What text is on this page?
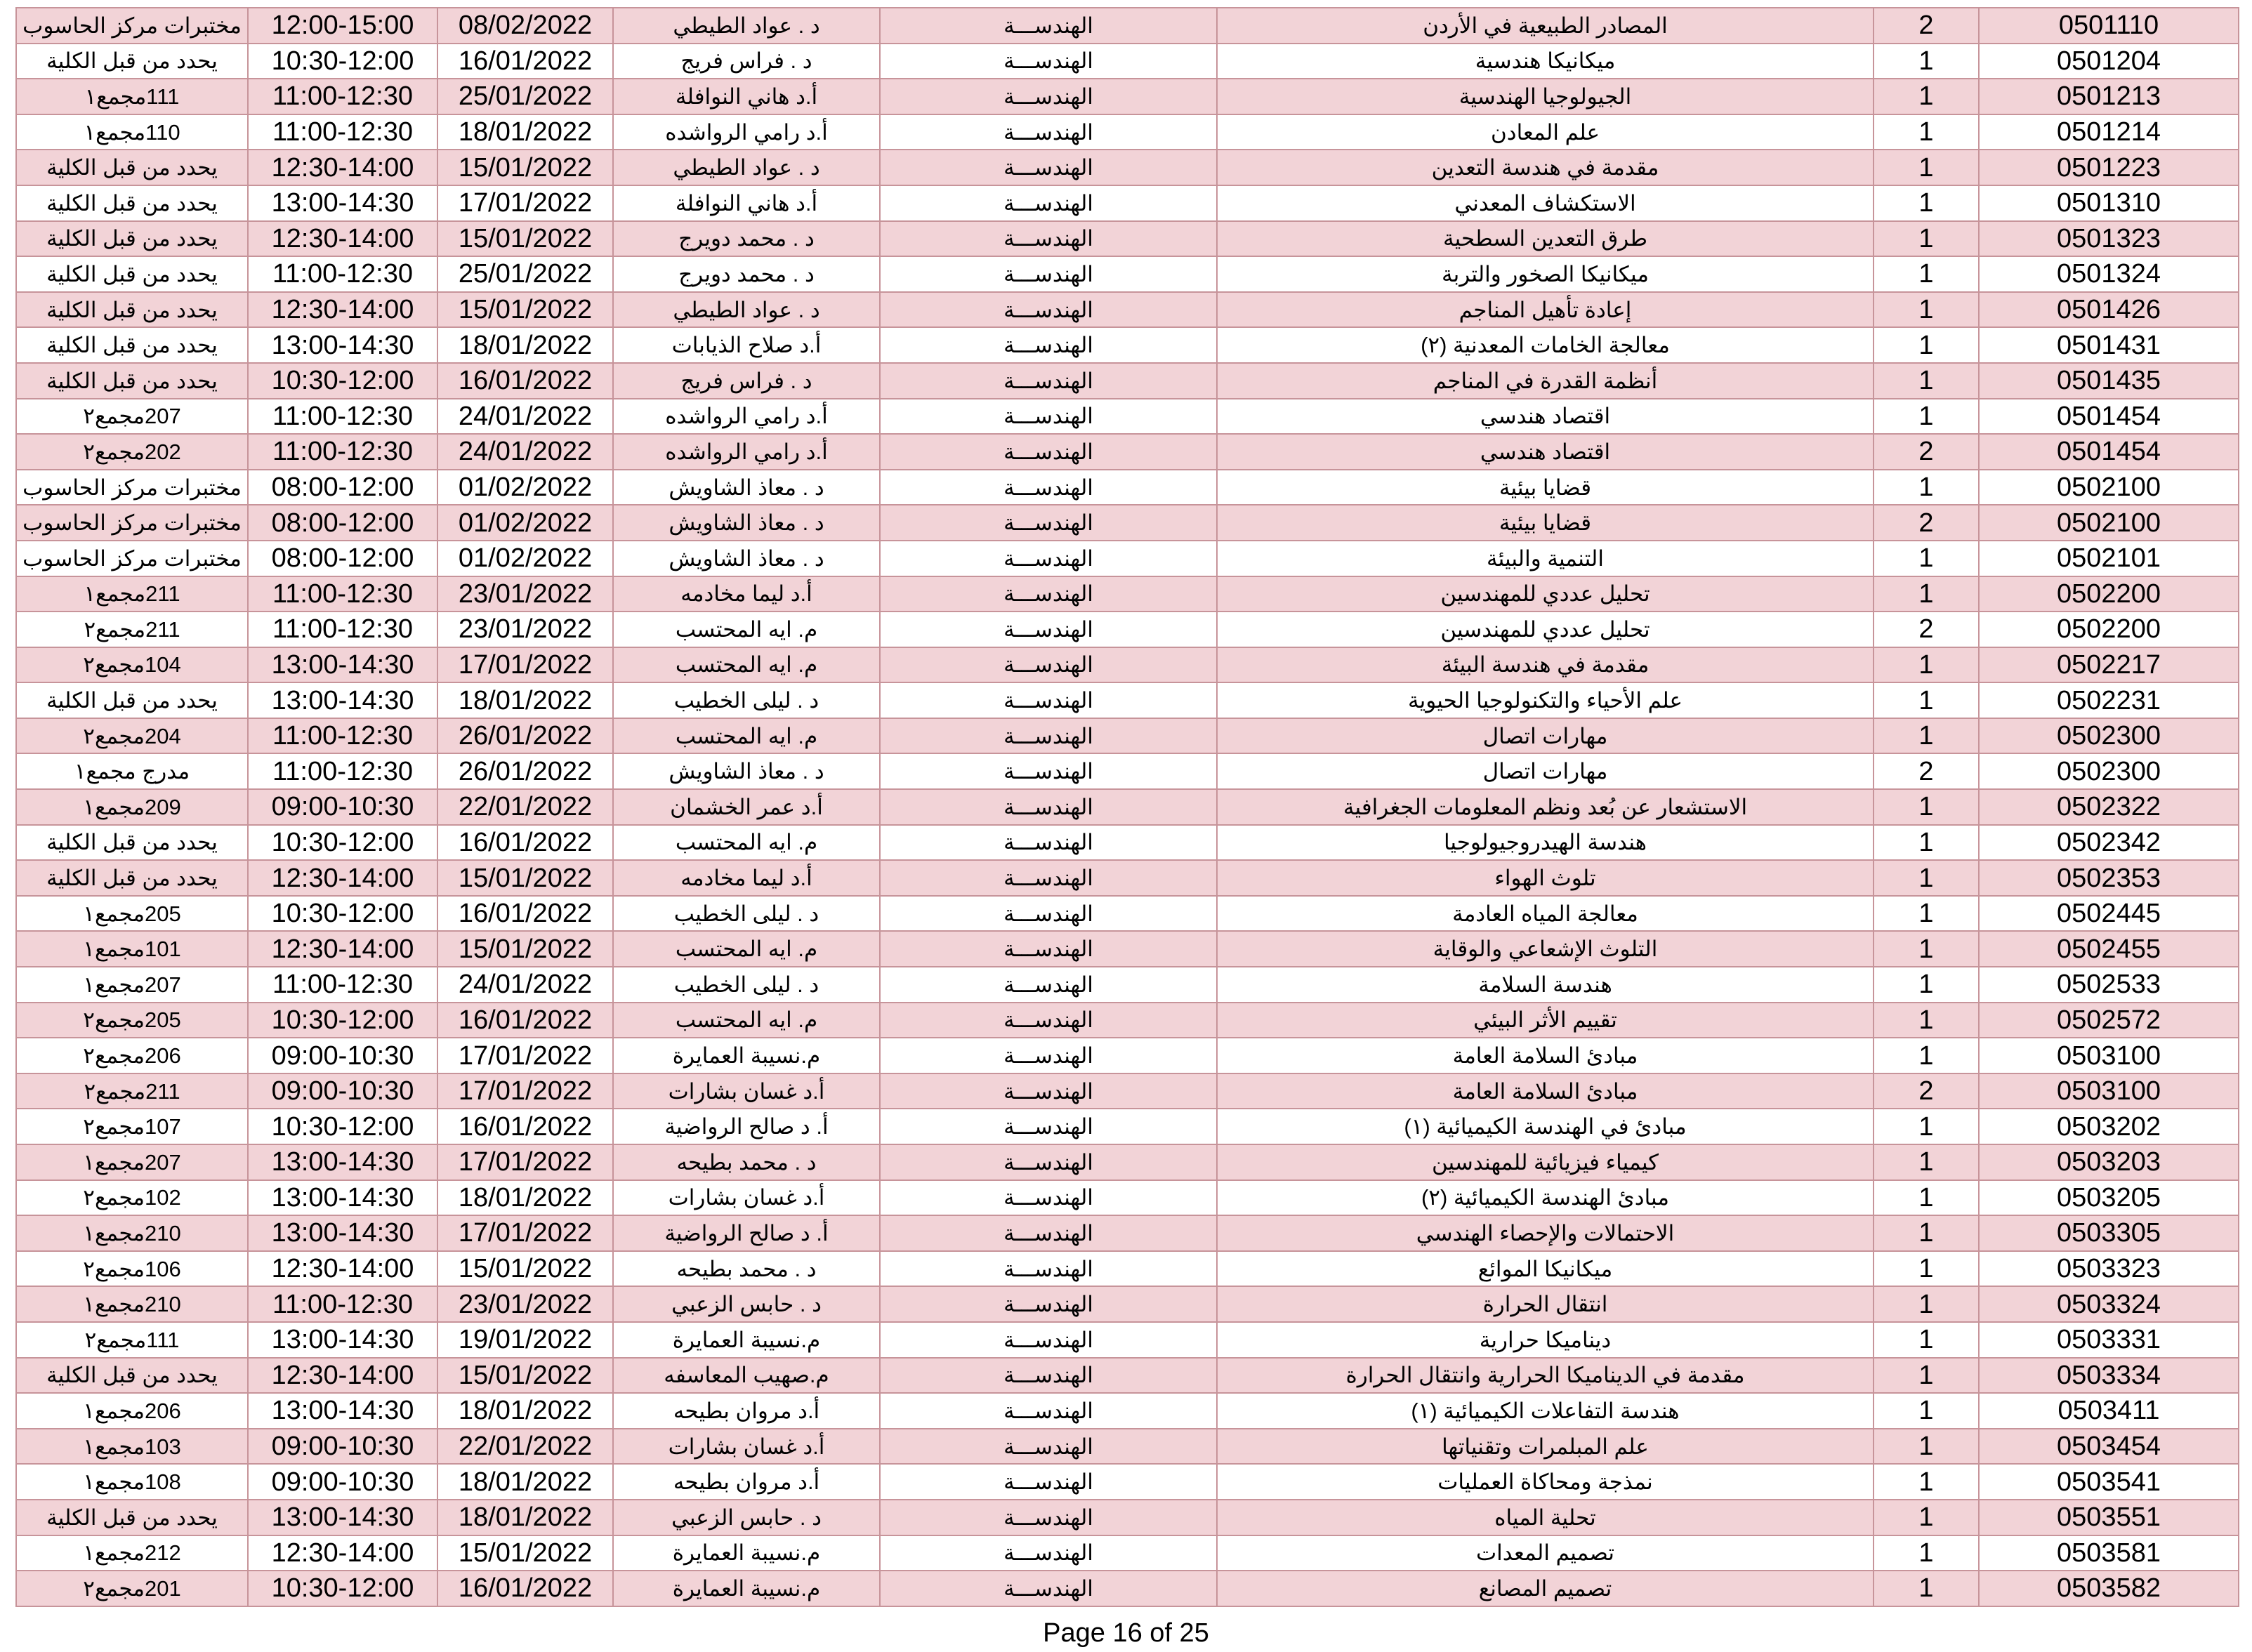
مختبرات مركز الحاسوب	12:00-15:00	08/02/2022	د . عواد الطيطي	الهندســـة	المصادر الطبيعية في الأردن	2	0501110
يحدد من قبل الكلية	10:30-12:00	16/01/2022	د . فراس فريج	الهندســـة	ميكانيكا هندسية	1	0501204
111مجمع١	11:00-12:30	25/01/2022	أ.د هاني النوافلة	الهندســـة	الجيولوجيا الهندسية	1	0501213
110مجمع١	11:00-12:30	18/01/2022	أ.د رامي الرواشده	الهندســـة	علم المعادن	1	0501214
يحدد من قبل الكلية	12:30-14:00	15/01/2022	د . عواد الطيطي	الهندســـة	مقدمة في هندسة التعدين	1	0501223
يحدد من قبل الكلية	13:00-14:30	17/01/2022	أ.د هاني النوافلة	الهندســـة	الاستكشاف المعدني	1	0501310
يحدد من قبل الكلية	12:30-14:00	15/01/2022	د . محمد دويرج	الهندســـة	طرق التعدين السطحية	1	0501323
يحدد من قبل الكلية	11:00-12:30	25/01/2022	د . محمد دويرج	الهندســـة	ميكانيكا الصخور والتربة	1	0501324
يحدد من قبل الكلية	12:30-14:00	15/01/2022	د . عواد الطيطي	الهندســـة	إعادة تأهيل المناجم	1	0501426
يحدد من قبل الكلية	13:00-14:30	18/01/2022	أ.د صلاح الذيابات	الهندســـة	معالجة الخامات المعدنية (٢)	1	0501431
يحدد من قبل الكلية	10:30-12:00	16/01/2022	د . فراس فريج	الهندســـة	أنظمة القدرة في المناجم	1	0501435
207مجمع٢	11:00-12:30	24/01/2022	أ.د رامي الرواشده	الهندســـة	اقتصاد هندسي	1	0501454
202مجمع٢	11:00-12:30	24/01/2022	أ.د رامي الرواشده	الهندســـة	اقتصاد هندسي	2	0501454
مختبرات مركز الحاسوب	08:00-12:00	01/02/2022	د . معاذ الشاويش	الهندســـة	قضايا بيئية	1	0502100
مختبرات مركز الحاسوب	08:00-12:00	01/02/2022	د . معاذ الشاويش	الهندســـة	قضايا بيئية	2	0502100
مختبرات مركز الحاسوب	08:00-12:00	01/02/2022	د . معاذ الشاويش	الهندســـة	التنمية والبيئة	1	0502101
211مجمع١	11:00-12:30	23/01/2022	أ.د ليما مخادمه	الهندســـة	تحليل عددي للمهندسين	1	0502200
211مجمع٢	11:00-12:30	23/01/2022	م. ايه المحتسب	الهندســـة	تحليل عددي للمهندسين	2	0502200
104مجمع٢	13:00-14:30	17/01/2022	م. ايه المحتسب	الهندســـة	مقدمة في هندسة البيئة	1	0502217
يحدد من قبل الكلية	13:00-14:30	18/01/2022	د . ليلى الخطيب	الهندســـة	علم الأحياء والتكنولوجيا الحيوية	1	0502231
204مجمع٢	11:00-12:30	26/01/2022	م. ايه المحتسب	الهندســـة	مهارات اتصال	1	0502300
مدرج مجمع١	11:00-12:30	26/01/2022	د . معاذ الشاويش	الهندســـة	مهارات اتصال	2	0502300
209مجمع١	09:00-10:30	22/01/2022	أ.د عمر الخشمان	الهندســـة	الاستشعار عن بُعد ونظم المعلومات الجغرافية	1	0502322
يحدد من قبل الكلية	10:30-12:00	16/01/2022	م. ايه المحتسب	الهندســـة	هندسة الهيدروجيولوجيا	1	0502342
يحدد من قبل الكلية	12:30-14:00	15/01/2022	أ.د ليما مخادمه	الهندســـة	تلوث الهواء	1	0502353
205مجمع١	10:30-12:00	16/01/2022	د . ليلى الخطيب	الهندســـة	معالجة المياه العادمة	1	0502445
101مجمع١	12:30-14:00	15/01/2022	م. ايه المحتسب	الهندســـة	التلوث الإشعاعي والوقاية	1	0502455
207مجمع١	11:00-12:30	24/01/2022	د . ليلى الخطيب	الهندســـة	هندسة السلامة	1	0502533
205مجمع٢	10:30-12:00	16/01/2022	م. ايه المحتسب	الهندســـة	تقييم الأثر البيئي	1	0502572
206مجمع٢	09:00-10:30	17/01/2022	م.نسيبة العمايرة	الهندســـة	مبادئ السلامة العامة	1	0503100
211مجمع٢	09:00-10:30	17/01/2022	أ.د غسان بشارات	الهندســـة	مبادئ السلامة العامة	2	0503100
107مجمع٢	10:30-12:00	16/01/2022	أ. د صالح الرواضية	الهندســـة	مبادئ في الهندسة الكيميائية (١)	1	0503202
207مجمع١	13:00-14:30	17/01/2022	د . محمد بطيحه	الهندســـة	كيمياء فيزيائية للمهندسين	1	0503203
102مجمع٢	13:00-14:30	18/01/2022	أ.د غسان بشارات	الهندســـة	مبادئ الهندسة الكيميائية (٢)	1	0503205
210مجمع١	13:00-14:30	17/01/2022	أ. د صالح الرواضية	الهندســـة	الاحتمالات والإحصاء الهندسي	1	0503305
106مجمع٢	12:30-14:00	15/01/2022	د . محمد بطيحه	الهندســـة	ميكانيكا الموائع	1	0503323
210مجمع١	11:00-12:30	23/01/2022	د . حابس الزعبي	الهندســـة	انتقال الحرارة	1	0503324
111مجمع٢	13:00-14:30	19/01/2022	م.نسيبة العمايرة	الهندســـة	ديناميكا حرارية	1	0503331
يحدد من قبل الكلية	12:30-14:00	15/01/2022	م.صهيب المعاسفه	الهندســـة	مقدمة في الديناميكا الحرارية وانتقال الحرارة	1	0503334
206مجمع١	13:00-14:30	18/01/2022	أ.د مروان بطيحه	الهندســـة	هندسة التفاعلات الكيميائية (١)	1	0503411
103مجمع١	09:00-10:30	22/01/2022	أ.د غسان بشارات	الهندســـة	علم المبلمرات وتقنياتها	1	0503454
108مجمع١	09:00-10:30	18/01/2022	أ.د مروان بطيحه	الهندســـة	نمذجة ومحاكاة العمليات	1	0503541
يحدد من قبل الكلية	13:00-14:30	18/01/2022	د . حابس الزعبي	الهندســـة	تحلية المياه	1	0503551
212مجمع١	12:30-14:00	15/01/2022	م.نسيبة العمايرة	الهندســـة	تصميم المعدات	1	0503581
201مجمع٢	10:30-12:00	16/01/2022	م.نسيبة العمايرة	الهندســـة	تصميم المصانع	1	0503582
Page 16 of 25
